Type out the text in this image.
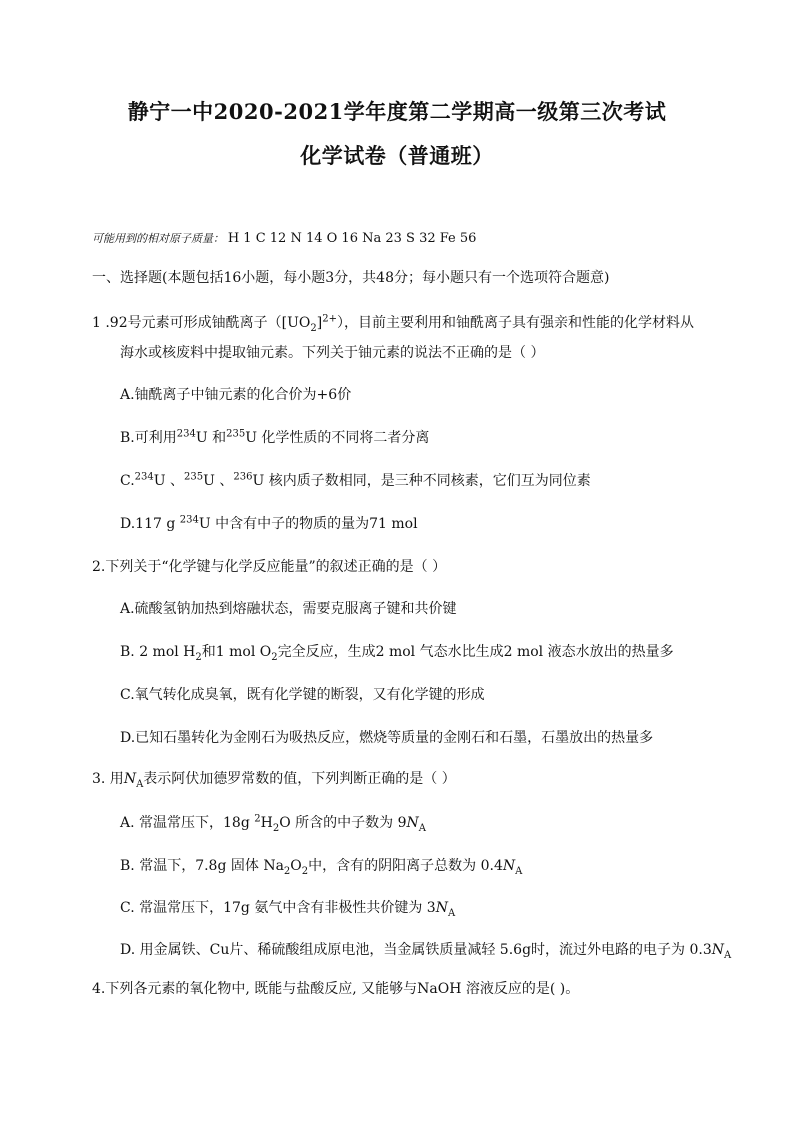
静宁一中2020-2021学年度第二学期高一级第三次考试
化学试卷（普通班）
可能用到的相对原子质量： H 1 C 12 N 14 O 16 Na 23 S 32 Fe 56
一、选择题(本题包括16小题，每小题3分，共48分；每小题只有一个选项符合题意)
1 .92号元素可形成铀酰离子$([UO_2]^{2+})$，目前主要利用和铀酰离子具有强亲和性能的化学材料从
海水或核废料中提取铀元素。下列关于铀元素的说法不正确的是（ ）
A.铀酰离子中铀元素的化合价为+6价
B.可利用$^{234}$U 和$^{235}$U 化学性质的不同将二者分离
C.$^{234}$U 、$^{235}$U 、$^{236}$U 核内质子数相同，是三种不同核素，它们互为同位素
D.117 g $^{234}$U 中含有中子的物质的量为71 mol
2.下列关于“化学键与化学反应能量”的叙述正确的是（ ）
A.硫酸氢钠加热到熔融状态，需要克服离子键和共价键
B. 2 mol $H_2$和1 mol $O_2$完全反应，生成2 mol 气态水比生成2 mol 液态水放出的热量多
C.氧气转化成臭氧，既有化学键的断裂，又有化学键的形成
D.已知石墨转化为金刚石为吸热反应，燃烧等质量的金刚石和石墨，石墨放出的热量多
3. 用$N_A$表示阿伏加德罗常数的值，下列判断正确的是（ ）
A. 常温常压下，18g $^2H_2O$ 所含的中子数为 $9N_A$
B. 常温下，7.8g 固体 $Na_2O_2$中，含有的阴阳离子总数为 $0.4N_A$
C. 常温常压下，17g 氨气中含有非极性共价键为 $3N_A$
D. 用金属铁、Cu片、稀硫酸组成原电池，当金属铁质量减轻 5.6g时，流过外电路的电子为 $0.3N_A$
4.下列各元素的氧化物中, 既能与盐酸反应, 又能够与NaOH 溶液反应的是( )。
